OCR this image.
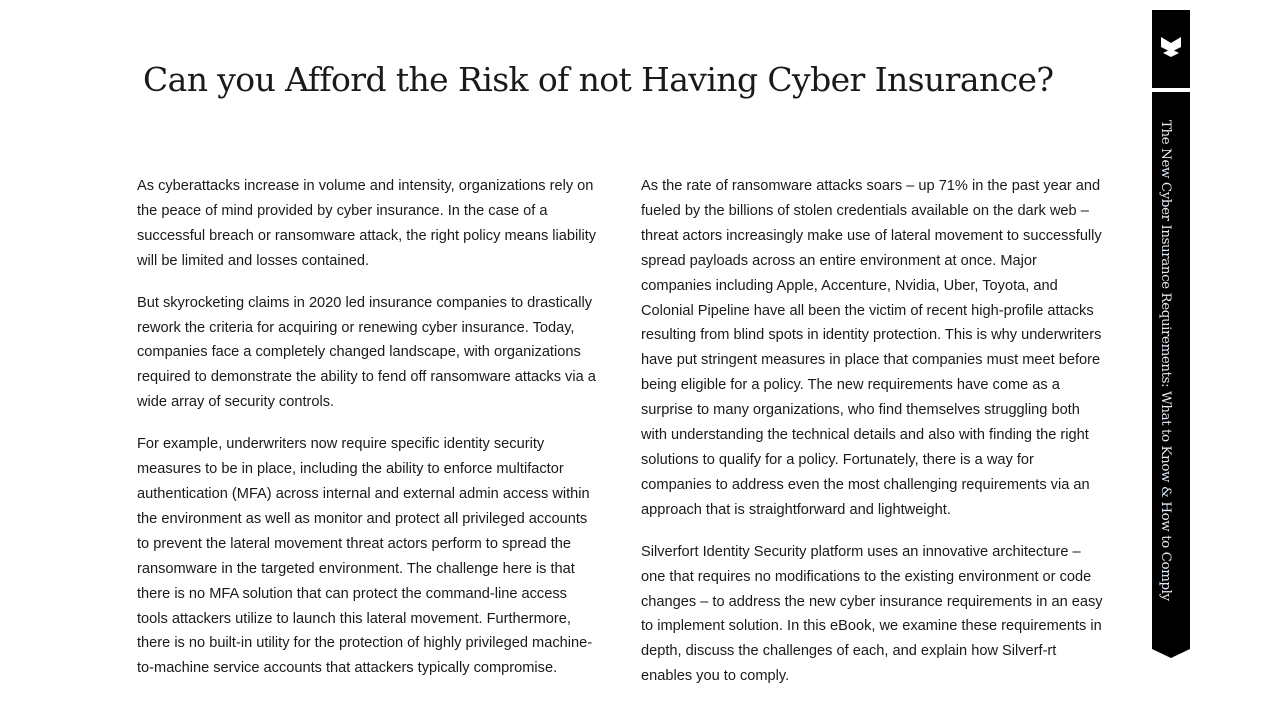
Can you Afford the Risk of not Having Cyber Insurance?

As cyberattacks increase in volume and intensity, organizations rely on the peace of mind provided by cyber insurance. In the case of a successful breach or ransomware attack, the right policy means liability will be limited and losses contained.

But skyrocketing claims in 2020 led insurance companies to drastically rework the criteria for acquiring or renewing cyber insurance. Today, companies face a completely changed landscape, with organizations required to demonstrate the ability to fend off ransomware attacks via a wide array of security controls.

For example, underwriters now require specific identity security measures to be in place, including the ability to enforce multifactor authentication (MFA) across internal and external admin access within the environment as well as monitor and protect all privileged accounts to prevent the lateral movement threat actors perform to spread the ransomware in the targeted environment. The challenge here is that there is no MFA solution that can protect the command-line access tools attackers utilize to launch this lateral movement. Furthermore, there is no built-in utility for the protection of highly privileged machine-to-machine service accounts that attackers typically compromise.

As the rate of ransomware attacks soars – up 71% in the past year and fueled by the billions of stolen credentials available on the dark web – threat actors increasingly make use of lateral movement to successfully spread payloads across an entire environment at once. Major companies including Apple, Accenture, Nvidia, Uber, Toyota, and Colonial Pipeline have all been the victim of recent high-profile attacks resulting from blind spots in identity protection. This is why underwriters have put stringent measures in place that companies must meet before being eligible for a policy. The new requirements have come as a surprise to many organizations, who find themselves struggling both with understanding the technical details and also with finding the right solutions to qualify for a policy. Fortunately, there is a way for companies to address even the most challenging requirements via an approach that is straightforward and lightweight.

Silverfort Identity Security platform uses an innovative architecture – one that requires no modifications to the existing environment or code changes – to address the new cyber insurance requirements in an easy to implement solution. In this eBook, we examine these requirements in depth, discuss the challenges of each, and explain how Silverf-rt enables you to comply.

The New Cyber Insurance Requirements: What to Know & How to Comply
